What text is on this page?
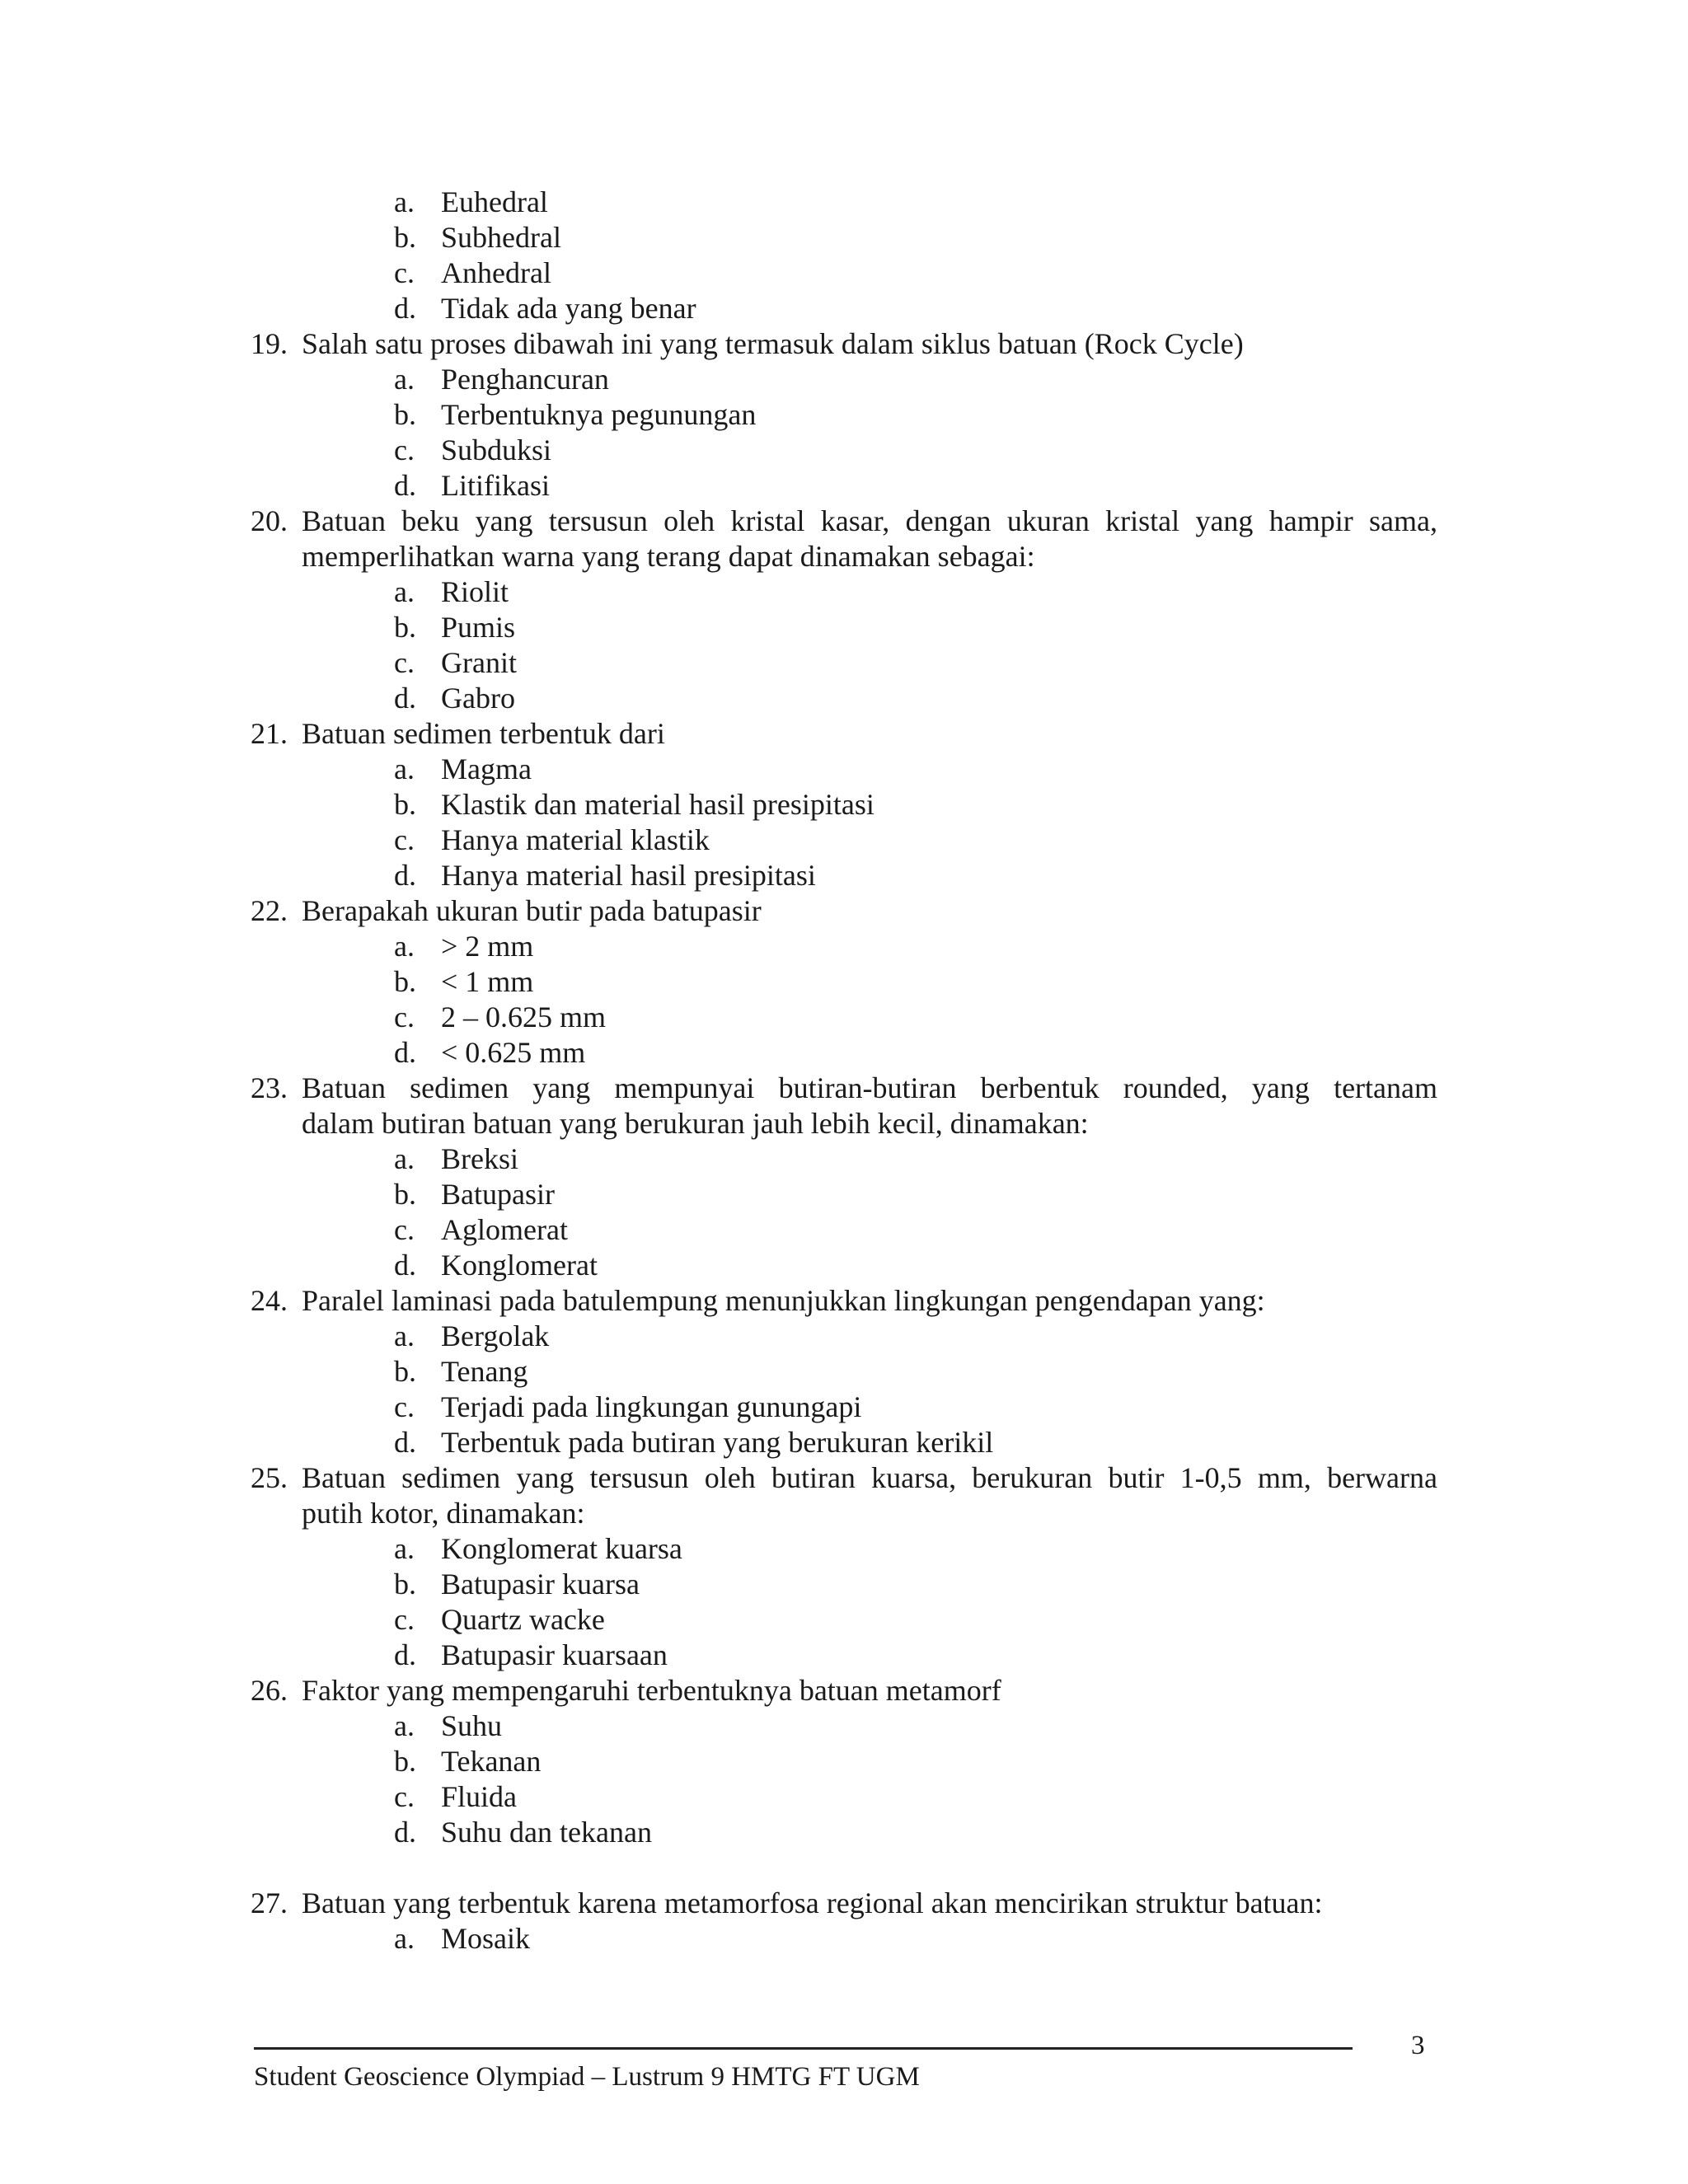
a. Euhedral
b. Subhedral
c. Anhedral
d. Tidak ada yang benar
19. Salah satu proses dibawah ini yang termasuk dalam siklus batuan (Rock Cycle)
a. Penghancuran
b. Terbentuknya pegunungan
c. Subduksi
d. Litifikasi
20. Batuan beku yang tersusun oleh kristal kasar, dengan ukuran kristal yang hampir sama,
memperlihatkan warna yang terang dapat dinamakan sebagai:
a. Riolit
b. Pumis
c. Granit
d. Gabro
21. Batuan sedimen terbentuk dari
a. Magma
b. Klastik dan material hasil presipitasi
c. Hanya material klastik
d. Hanya material hasil presipitasi
22. Berapakah ukuran butir pada batupasir
a. > 2 mm
b. < 1 mm
c. 2 – 0.625 mm
d. < 0.625 mm
23. Batuan sedimen yang mempunyai butiran-butiran berbentuk rounded, yang tertanam
dalam butiran batuan yang berukuran jauh lebih kecil, dinamakan:
a. Breksi
b. Batupasir
c. Aglomerat
d. Konglomerat
24. Paralel laminasi pada batulempung menunjukkan lingkungan pengendapan yang:
a. Bergolak
b. Tenang
c. Terjadi pada lingkungan gunungapi
d. Terbentuk pada butiran yang berukuran kerikil
25. Batuan sedimen yang tersusun oleh butiran kuarsa, berukuran butir 1-0,5 mm, berwarna
putih kotor, dinamakan:
a. Konglomerat kuarsa
b. Batupasir kuarsa
c. Quartz wacke
d. Batupasir kuarsaan
26. Faktor yang mempengaruhi terbentuknya batuan metamorf
a. Suhu
b. Tekanan
c. Fluida
d. Suhu dan tekanan
27. Batuan yang terbentuk karena metamorfosa regional akan mencirikan struktur batuan:
a. Mosaik
Student Geoscience Olympiad – Lustrum 9 HMTG FT UGM
3
